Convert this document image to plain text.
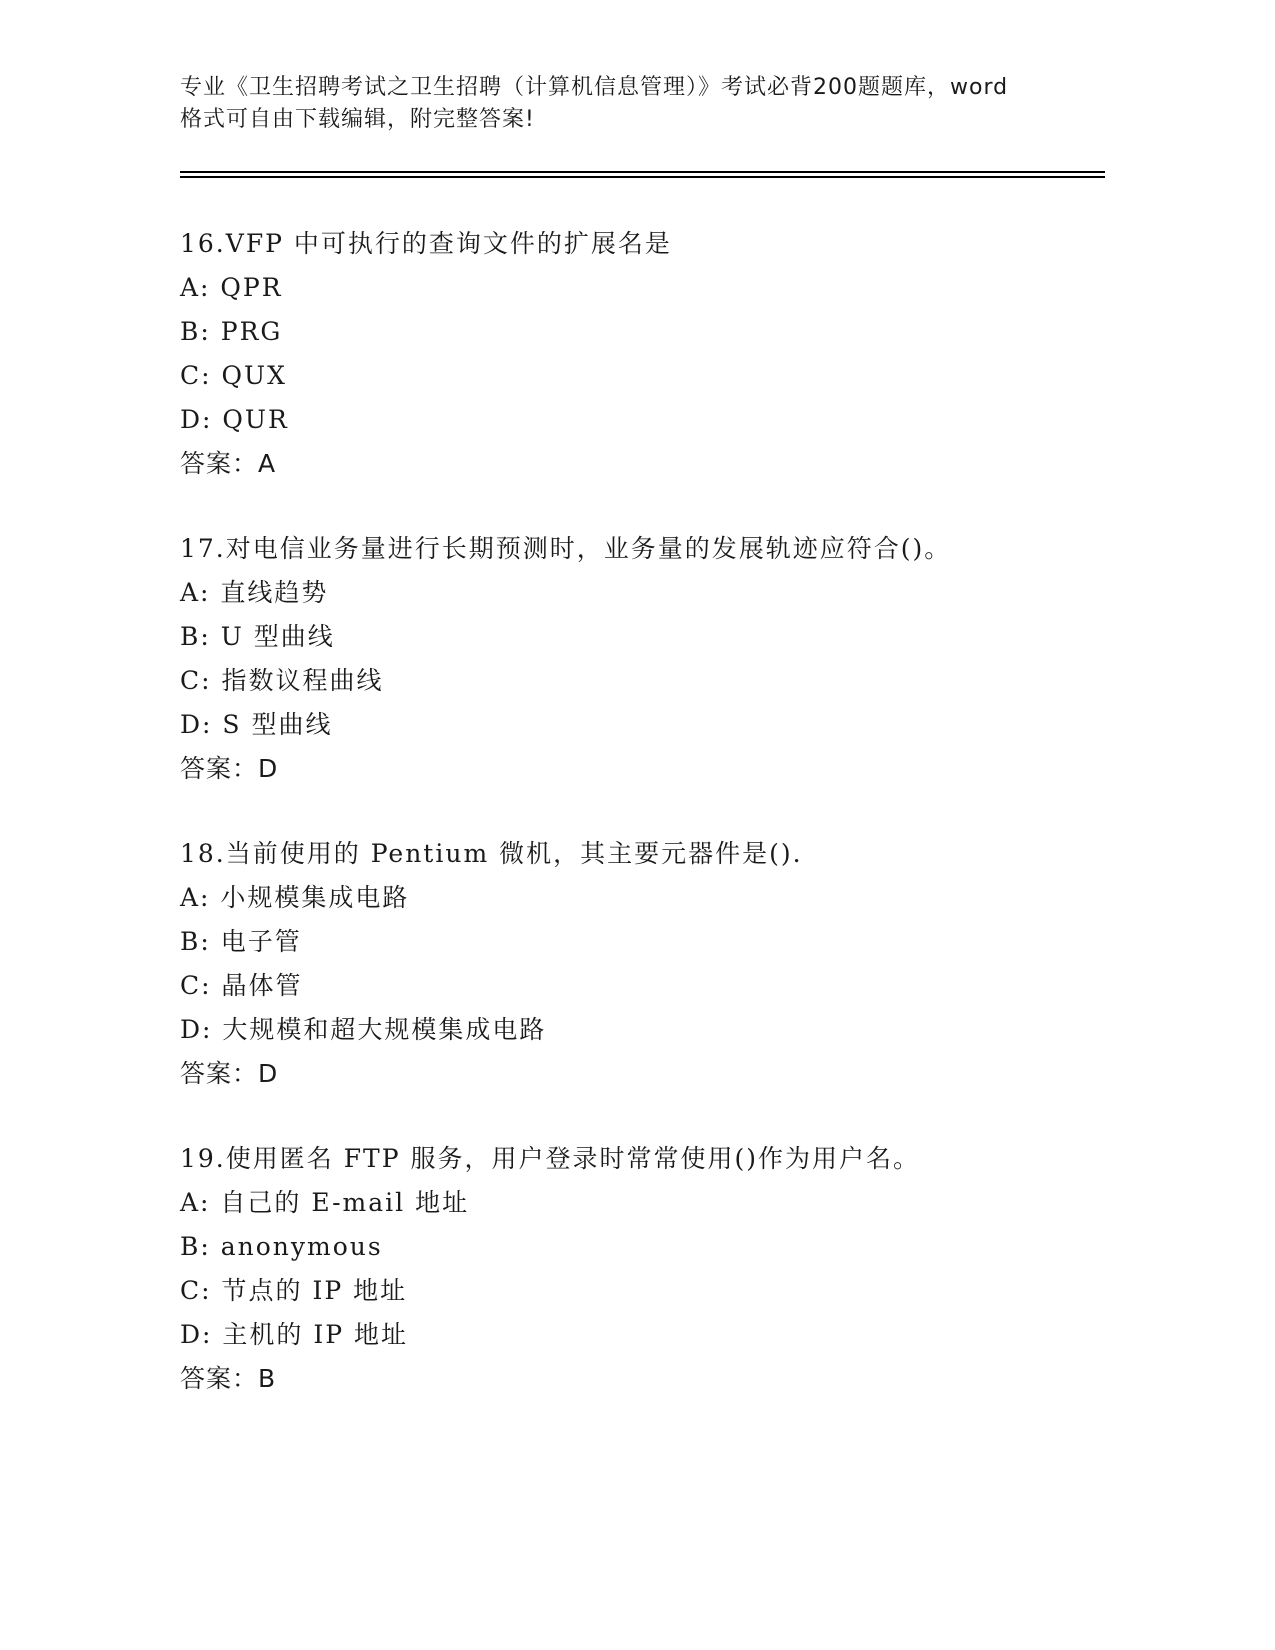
专业《卫生招聘考试之卫生招聘（计算机信息管理）》考试必背200题题库，word
格式可自由下载编辑，附完整答案!
16.VFP 中可执行的查询文件的扩展名是
A: QPR
B: PRG
C: QUX
D: QUR
答案：A
17.对电信业务量进行长期预测时，业务量的发展轨迹应符合()。
A: 直线趋势
B: U 型曲线
C: 指数议程曲线
D: S 型曲线
答案：D
18.当前使用的 Pentium 微机，其主要元器件是().
A: 小规模集成电路
B: 电子管
C: 晶体管
D: 大规模和超大规模集成电路
答案：D
19.使用匿名 FTP 服务，用户登录时常常使用()作为用户名。
A: 自己的 E-mail 地址
B: anonymous
C: 节点的 IP 地址
D: 主机的 IP 地址
答案：B
